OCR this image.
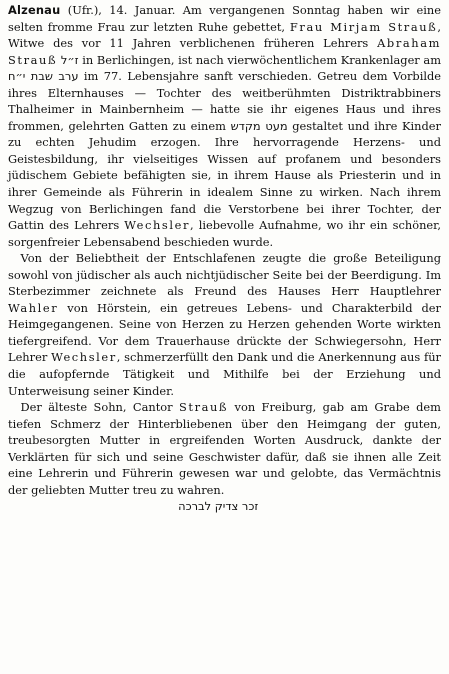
Alzenau (Ufr.), 14. Januar. Am vergangenen Sonntag haben wir eine selten fromme Frau zur letzten Ruhe gebettet, Frau Mirjam Strauß, Witwe des vor 11 Jahren verblichenen früheren Lehrers Abraham Strauß ז״ל in Berlichingen, ist nach vierwöchentlichem Krankenlager am ערב שבת י״ח im 77. Lebensjahre sanft verschieden. Getreu dem Vorbilde ihres Elternhauses — Tochter des weitberühmten Distriktrabbiners Thalheimer in Mainbernheim — hatte sie ihr eigenes Haus und ihres frommen, gelehrten Gatten zu einem מקדש מעט gestaltet und ihre Kinder zu echten Jehudim erzogen. Ihre hervorragende Herzens- und Geistesbildung, ihr vielseitiges Wissen auf profanem und besonders jüdischem Gebiete befähigten sie, in ihrem Hause als Priesterin und in ihrer Gemeinde als Führerin in idealem Sinne zu wirken. Nach ihrem Wegzug von Berlichingen fand die Verstorbene bei ihrer Tochter, der Gattin des Lehrers Wechsler, liebevolle Aufnahme, wo ihr ein schöner, sorgenfreier Lebensabend beschieden wurde.

Von der Beliebtheit der Entschlafenen zeugte die große Beteiligung sowohl von jüdischer als auch nichtjüdischer Seite bei der Beerdigung. Im Sterbezimmer zeichnete als Freund des Hauses Herr Hauptlehrer Wahler von Hörstein, ein getreues Lebens- und Charakterbild der Heimgegangenen. Seine von Herzen zu Herzen gehenden Worte wirkten tiefergreifend. Vor dem Trauerhause drückte der Schwiegersohn, Herr Lehrer Wechsler, schmerzerfüllt den Dank und die Anerkennung aus für die aufopfernde Tätigkeit und Mithilfe bei der Erziehung und Unterweisung seiner Kinder.

Der älteste Sohn, Cantor Strauß von Freiburg, gab am Grabe dem tiefen Schmerz der Hinterbliebenen über den Heimgang der guten, treubesorgten Mutter in ergreifenden Worten Ausdruck, dankte der Verklärten für sich und seine Geschwister dafür, daß sie ihnen alle Zeit eine Lehrerin und Führerin gewesen war und gelobte, das Vermächtnis der geliebten Mutter treu zu wahren.

זכר צדיק לברכה
